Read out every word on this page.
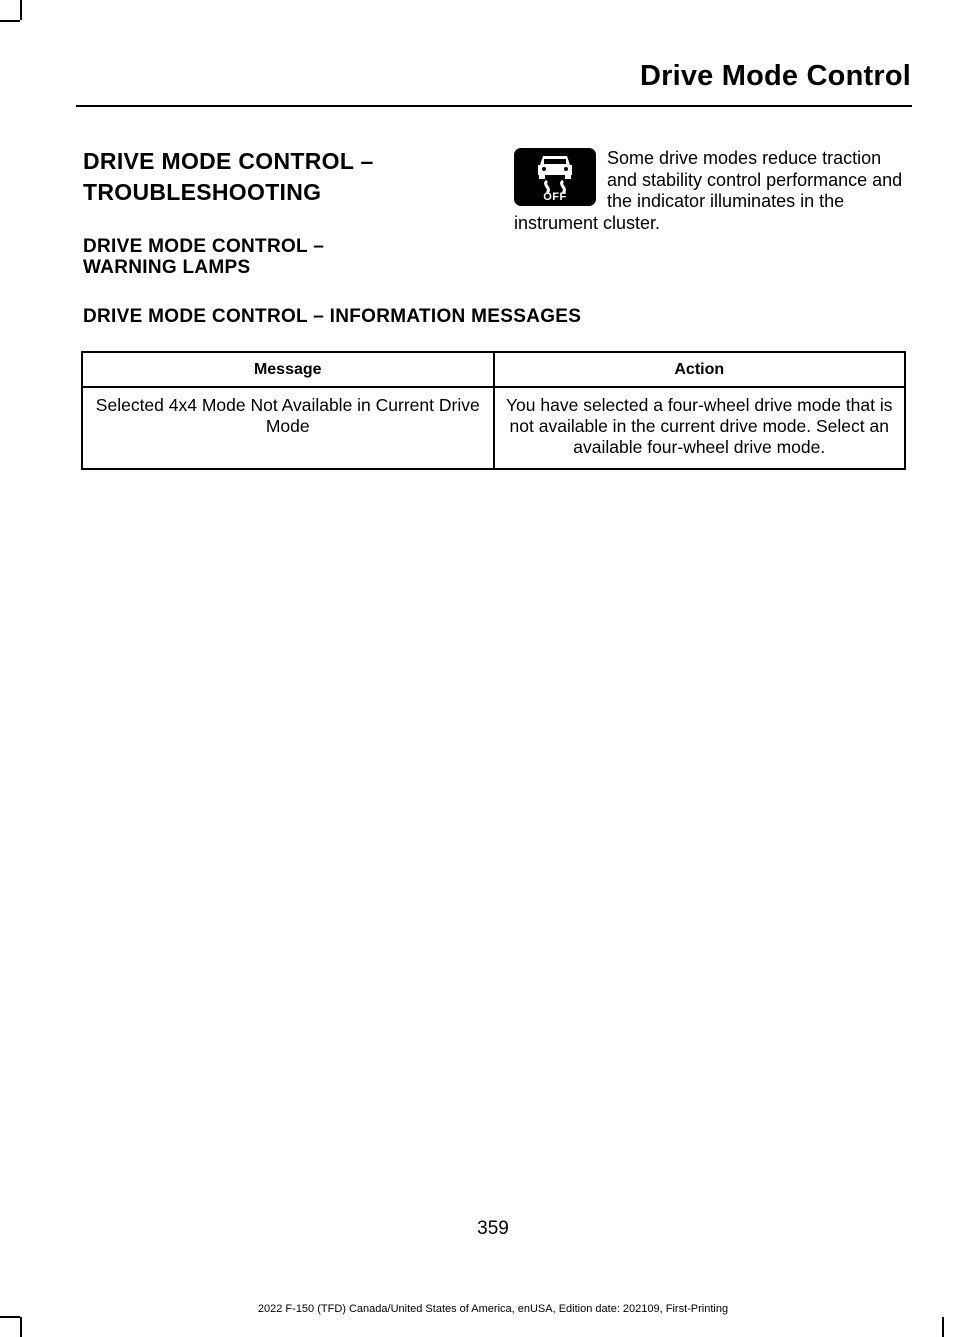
Drive Mode Control
DRIVE MODE CONTROL –
TROUBLESHOOTING
DRIVE MODE CONTROL –
WARNING LAMPS
Some drive modes reduce traction and stability control performance and the indicator illuminates in the instrument cluster.
OFF
DRIVE MODE CONTROL – INFORMATION MESSAGES
Message	Action
Selected 4x4 Mode Not Available in Current Drive Mode	You have selected a four-wheel drive mode that is not available in the current drive mode. Select an available four-wheel drive mode.
359
2022 F-150 (TFD) Canada/United States of America, enUSA, Edition date: 202109, First-Printing
